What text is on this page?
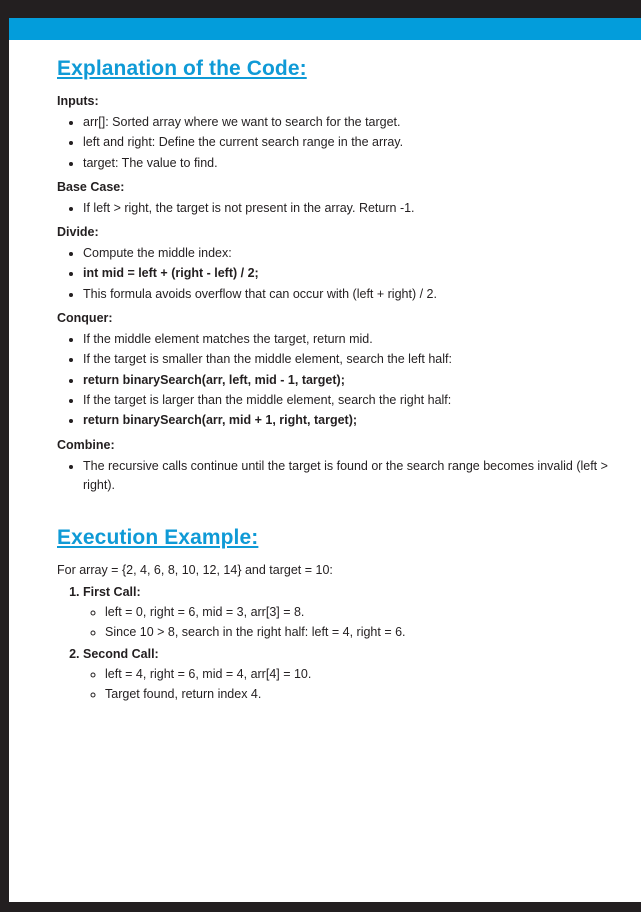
Explanation of the Code:
Inputs:
• arr[]: Sorted array where we want to search for the target.
• left and right: Define the current search range in the array.
• target: The value to find.
Base Case:
• If left > right, the target is not present in the array. Return -1.
Divide:
• Compute the middle index:
• int mid = left + (right - left) / 2;
• This formula avoids overflow that can occur with (left + right) / 2.
Conquer:
• If the middle element matches the target, return mid.
• If the target is smaller than the middle element, search the left half:
• return binarySearch(arr, left, mid - 1, target);
• If the target is larger than the middle element, search the right half:
• return binarySearch(arr, mid + 1, right, target);
Combine:
• The recursive calls continue until the target is found or the search range becomes invalid (left > right).
Execution Example:
For array = {2, 4, 6, 8, 10, 12, 14} and target = 10:
1. First Call:
◦ left = 0, right = 6, mid = 3, arr[3] = 8.
◦ Since 10 > 8, search in the right half: left = 4, right = 6.
2. Second Call:
◦ left = 4, right = 6, mid = 4, arr[4] = 10.
◦ Target found, return index 4.
